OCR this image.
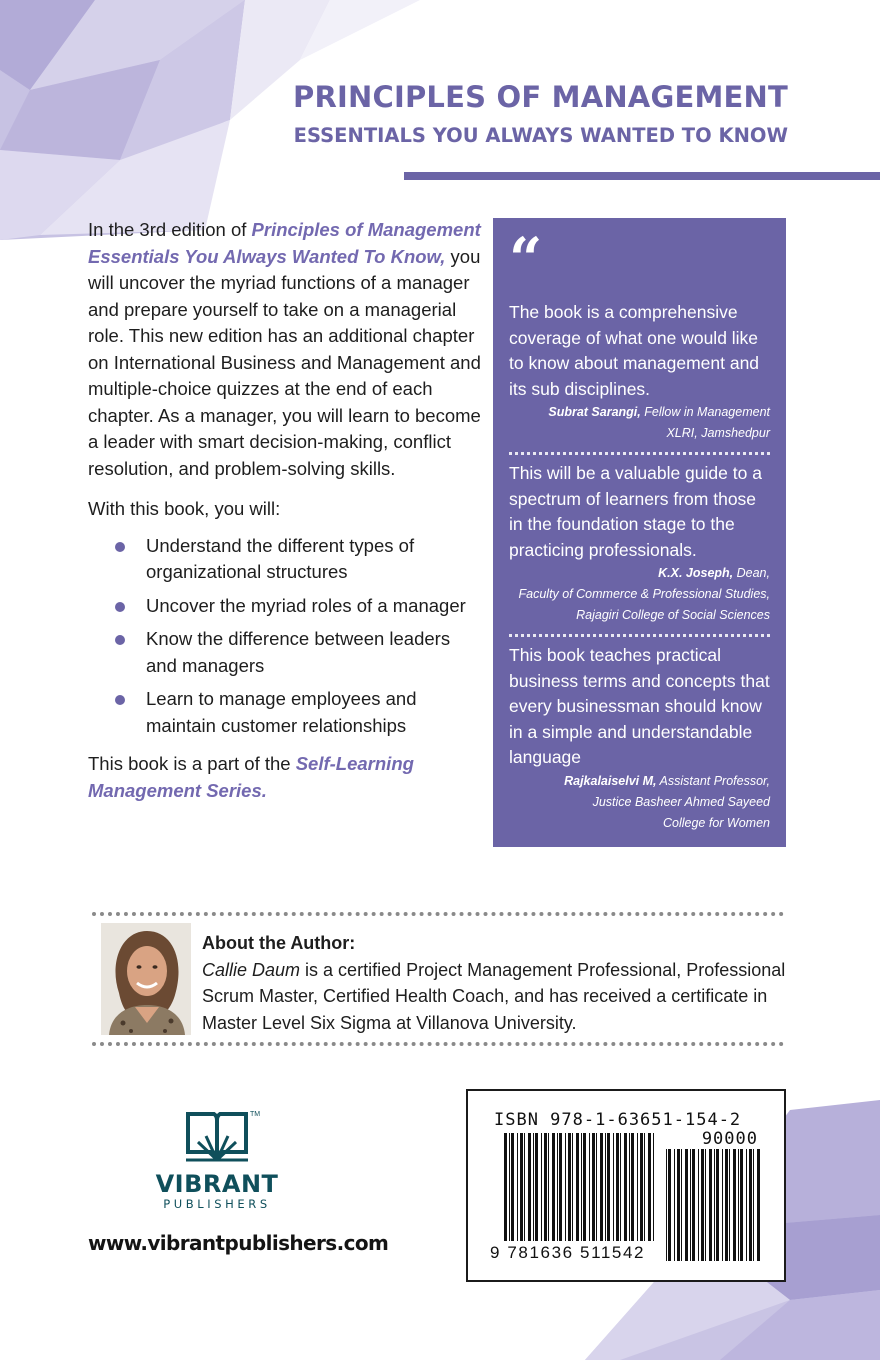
PRINCIPLES OF MANAGEMENT
ESSENTIALS YOU ALWAYS WANTED TO KNOW

In the 3rd edition of Principles of Management Essentials You Always Wanted To Know, you will uncover the myriad functions of a manager and prepare yourself to take on a managerial role. This new edition has an additional chapter on International Business and Management and multiple-choice quizzes at the end of each chapter. As a manager, you will learn to become a leader with smart decision-making, conflict resolution, and problem-solving skills.

With this book, you will:

Understand the different types of organizational structures
Uncover the myriad roles of a manager
Know the difference between leaders and managers
Learn to manage employees and maintain customer relationships

This book is a part of the Self-Learning Management Series.

“
The book is a comprehensive coverage of what one would like to know about management and its sub disciplines.
Subrat Sarangi, Fellow in Management
XLRI, Jamshedpur
This will be a valuable guide to a spectrum of learners from those in the foundation stage to the practicing professionals.
K.X. Joseph, Dean,
Faculty of Commerce & Professional Studies,
Rajagiri College of Social Sciences
This book teaches practical business terms and concepts that every businessman should know in a simple and understandable language
Rajkalaiselvi M, Assistant Professor,
Justice Basheer Ahmed Sayeed
College for Women
About the Author:
Callie Daum is a certified Project Management Professional, Professional Scrum Master, Certified Health Coach, and has received a certificate in Master Level Six Sigma at Villanova University.
VIBRANT
PUBLISHERS
TM
www.vibrantpublishers.com
ISBN 978-1-63651-154-2
90000
9 781636 511542
